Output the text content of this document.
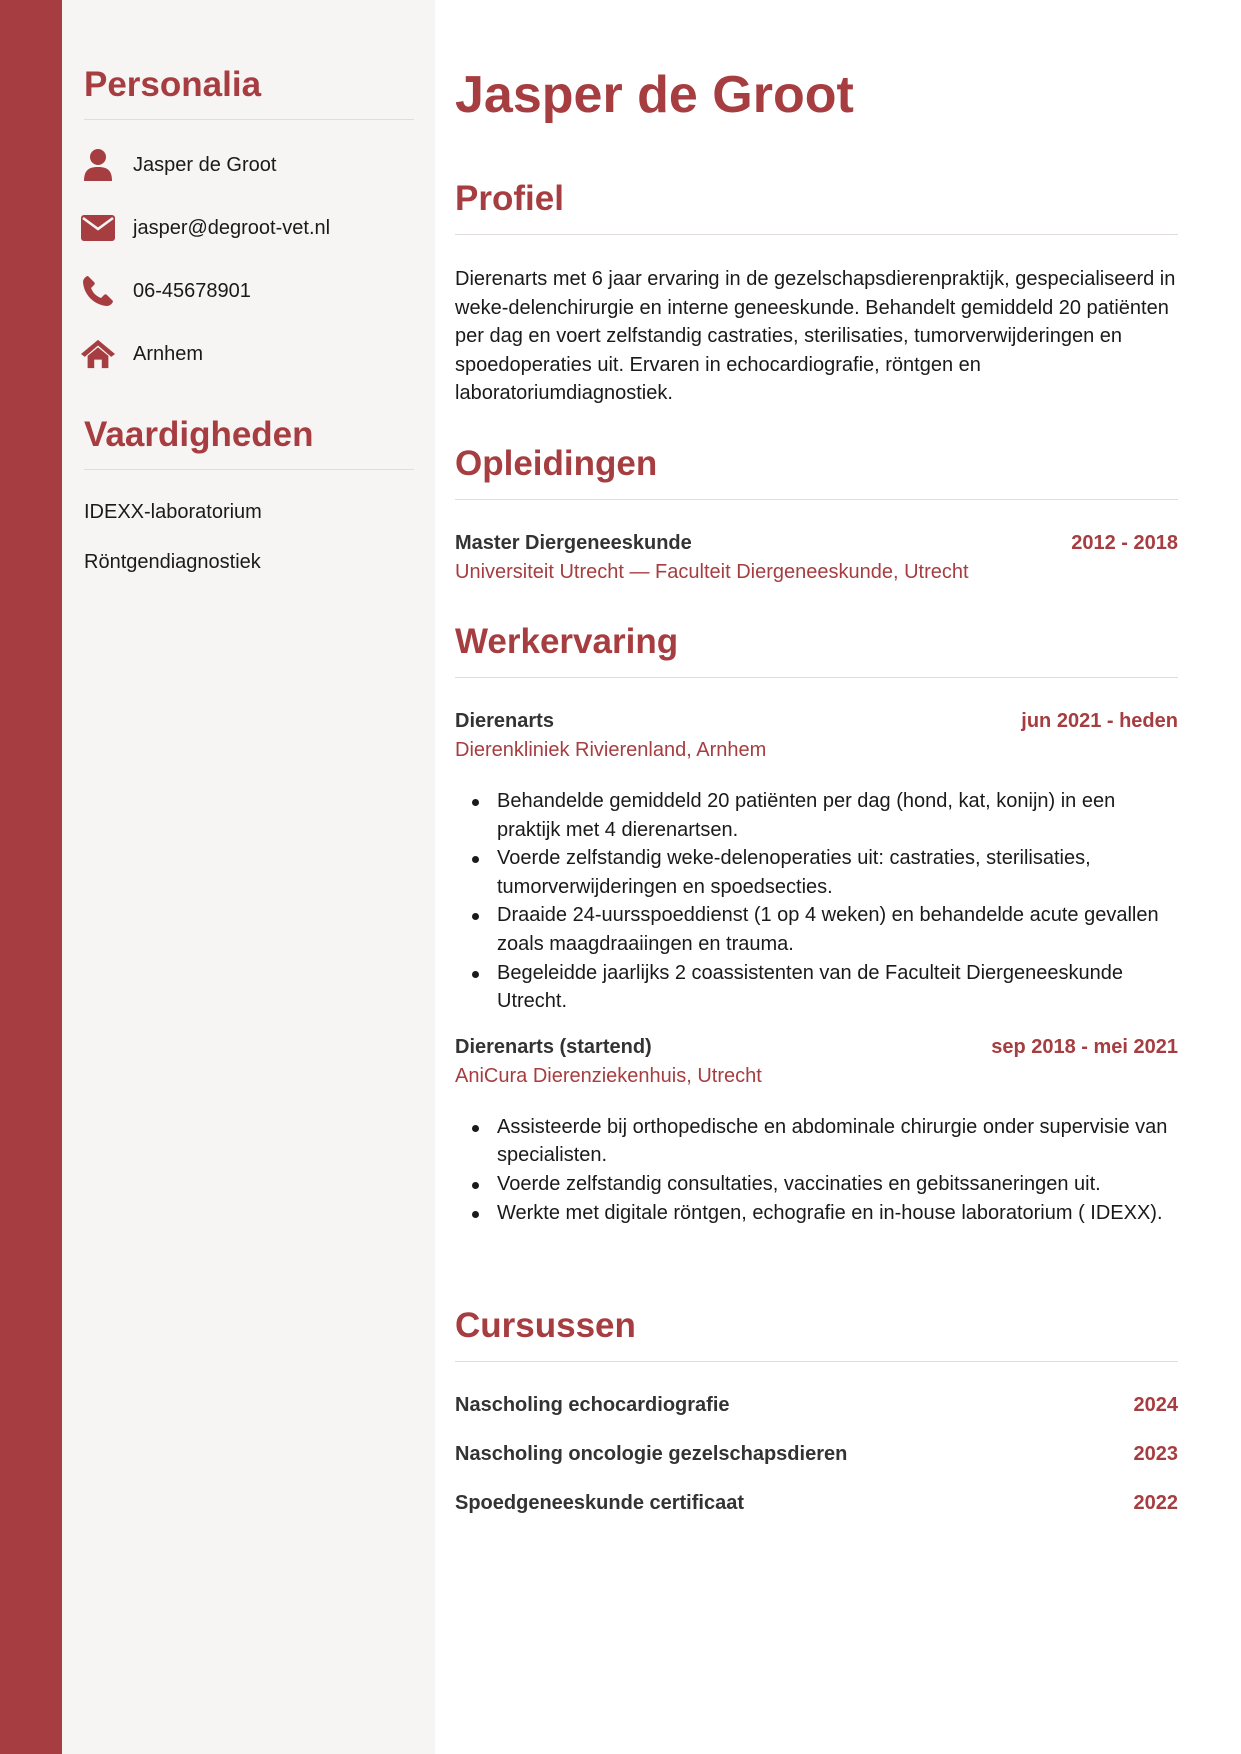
Personalia
Jasper de Groot
jasper@degroot-vet.nl
06-45678901
Arnhem
Vaardigheden
IDEXX-laboratorium
Röntgendiagnostiek
Jasper de Groot
Profiel

Dierenarts met 6 jaar ervaring in de gezelschapsdierenpraktijk, gespecialiseerd in weke-delenchirurgie en interne geneeskunde. Behandelt gemiddeld 20 patiënten per dag en voert zelfstandig castraties, sterilisaties, tumorverwijderingen en spoedoperaties uit. Ervaren in echocardiografie, röntgen en laboratoriumdiagnostiek.

Opleidingen
Master Diergeneeskunde	2012 - 2018
Universiteit Utrecht — Faculteit Diergeneeskunde, Utrecht
Werkervaring
Dierenarts	jun 2021 - heden
Dierenkliniek Rivierenland, Arnhem
Behandelde gemiddeld 20 patiënten per dag (hond, kat, konijn) in een praktijk met 4 dierenartsen.
Voerde zelfstandig weke-delenoperaties uit: castraties, sterilisaties, tumorverwijderingen en spoedsecties.
Draaide 24-uursspoeddienst (1 op 4 weken) en behandelde acute gevallen zoals maagdraaiingen en trauma.
Begeleidde jaarlijks 2 coassistenten van de Faculteit Diergeneeskunde Utrecht.
Dierenarts (startend)	sep 2018 - mei 2021
AniCura Dierenziekenhuis, Utrecht
Assisteerde bij orthopedische en abdominale chirurgie onder supervisie van specialisten.
Voerde zelfstandig consultaties, vaccinaties en gebitssaneringen uit.
Werkte met digitale röntgen, echografie en in-house laboratorium ( IDEXX).
Cursussen
Nascholing echocardiografie	2024
Nascholing oncologie gezelschapsdieren	2023
Spoedgeneeskunde certificaat	2022
